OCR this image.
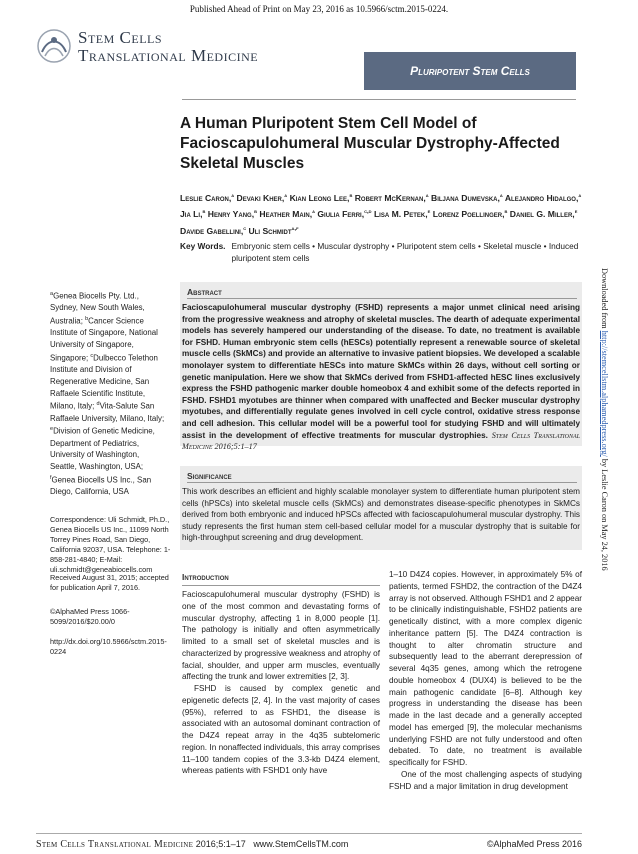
Published Ahead of Print on May 23, 2016 as 10.5966/sctm.2015-0224.
Stem Cells
Translational Medicine
Pluripotent Stem Cells
A Human Pluripotent Stem Cell Model of Facioscapulohumeral Muscular Dystrophy-Affected Skeletal Muscles
Leslie Caron,$^a$ Devaki Kher,$^a$ Kian Leong Lee,$^b$ Robert McKernan,$^a$ Biljana Dumevska,$^a$ Alejandro Hidalgo,$^a$ Jia Li,$^b$ Henry Yang,$^b$ Heather Main,$^a$ Giulia Ferri,$^{c,d}$ Lisa M. Petek,$^e$ Lorenz Poellinger,$^b$ Daniel G. Miller,$^e$ Davide Gabellini,$^c$ Uli Schmidt$^{a,f}$
Key Words. Embryonic stem cells • Muscular dystrophy • Pluripotent stem cells • Skeletal muscle • Induced pluripotent stem cells
$^a$Genea Biocells Pty. Ltd., Sydney, New South Wales, Australia; $^b$Cancer Science Institute of Singapore, National University of Singapore, Singapore; $^c$Dulbecco Telethon Institute and Division of Regenerative Medicine, San Raffaele Scientific Institute, Milano, Italy; $^d$Vita-Salute San Raffaele University, Milano, Italy; $^e$Division of Genetic Medicine, Department of Pediatrics, University of Washington, Seattle, Washington, USA; $^f$Genea Biocells US Inc., San Diego, California, USA
Correspondence: Uli Schmidt, Ph.D., Genea Biocells US Inc., 11099 North Torrey Pines Road, San Diego, California 92037, USA. Telephone: 1-858-281-4840; E-Mail: uli.schmidt@geneabiocells.com
Received August 31, 2015; accepted for publication April 7, 2016.
©AlphaMed Press 1066-5099/2016/$20.00/0
http://dx.doi.org/10.5966/sctm.2015-0224
Abstract
Facioscapulohumeral muscular dystrophy (FSHD) represents a major unmet clinical need arising from the progressive weakness and atrophy of skeletal muscles. The dearth of adequate experimental models has severely hampered our understanding of the disease. To date, no treatment is available for FSHD. Human embryonic stem cells (hESCs) potentially represent a renewable source of skeletal muscle cells (SkMCs) and provide an alternative to invasive patient biopsies. We developed a scalable monolayer system to differentiate hESCs into mature SkMCs within 26 days, without cell sorting or genetic manipulation. Here we show that SkMCs derived from FSHD1-affected hESC lines exclusively express the FSHD pathogenic marker double homeobox 4 and exhibit some of the defects reported in FSHD. FSHD1 myotubes are thinner when compared with unaffected and Becker muscular dystrophy myotubes, and differentially regulate genes involved in cell cycle control, oxidative stress response and cell adhesion. This cellular model will be a powerful tool for studying FSHD and will ultimately assist in the development of effective treatments for muscular dystrophies. Stem Cells Translational Medicine 2016;5:1–17
Significance
This work describes an efficient and highly scalable monolayer system to differentiate human pluripotent stem cells (hPSCs) into skeletal muscle cells (SkMCs) and demonstrates disease-specific phenotypes in SkMCs derived from both embryonic and induced hPSCs affected with facioscapulohumeral muscular dystrophy. This study represents the first human stem cell-based cellular model for a muscular dystrophy that is suitable for high-throughput screening and drug development.
Introduction

Facioscapulohumeral muscular dystrophy (FSHD) is one of the most common and devastating forms of muscular dystrophy, affecting 1 in 8,000 people [1]. The pathology is initially and often asymmetrically limited to a small set of skeletal muscles and is characterized by progressive weakness and atrophy of facial, shoulder, and upper arm muscles, eventually affecting the trunk and lower extremities [2, 3].

FSHD is caused by complex genetic and epigenetic defects [2, 4]. In the vast majority of cases (95%), referred to as FSHD1, the disease is associated with an autosomal dominant contraction of the D4Z4 repeat array in the 4q35 subtelomeric region. In nonaffected individuals, this array comprises 11–100 tandem copies of the 3.3-kb D4Z4 element, whereas patients with FSHD1 only have

1–10 D4Z4 copies. However, in approximately 5% of patients, termed FSHD2, the contraction of the D4Z4 array is not observed. Although FSHD1 and 2 appear to be clinically indistinguishable, FSHD2 patients are genetically distinct, with a more complex digenic inheritance pattern [5]. The D4Z4 contraction is thought to alter chromatin structure and subsequently lead to the aberrant derepression of several 4q35 genes, among which the retrogene double homeobox 4 (DUX4) is believed to be the main pathogenic candidate [6–8]. Although key progress in understanding the disease has been made in the last decade and a generally accepted model has emerged [9], the molecular mechanisms underlying FSHD are not fully understood and often debated. To date, no treatment is available specifically for FSHD.

One of the most challenging aspects of studying FSHD and a major limitation in drug development

Downloaded from http://stemcellstm.alphamedpress.org/ by Leslie Caron on May 24, 2016
Stem Cells Translational Medicine 2016;5:1–17 www.StemCellsTM.com	©AlphaMed Press 2016
